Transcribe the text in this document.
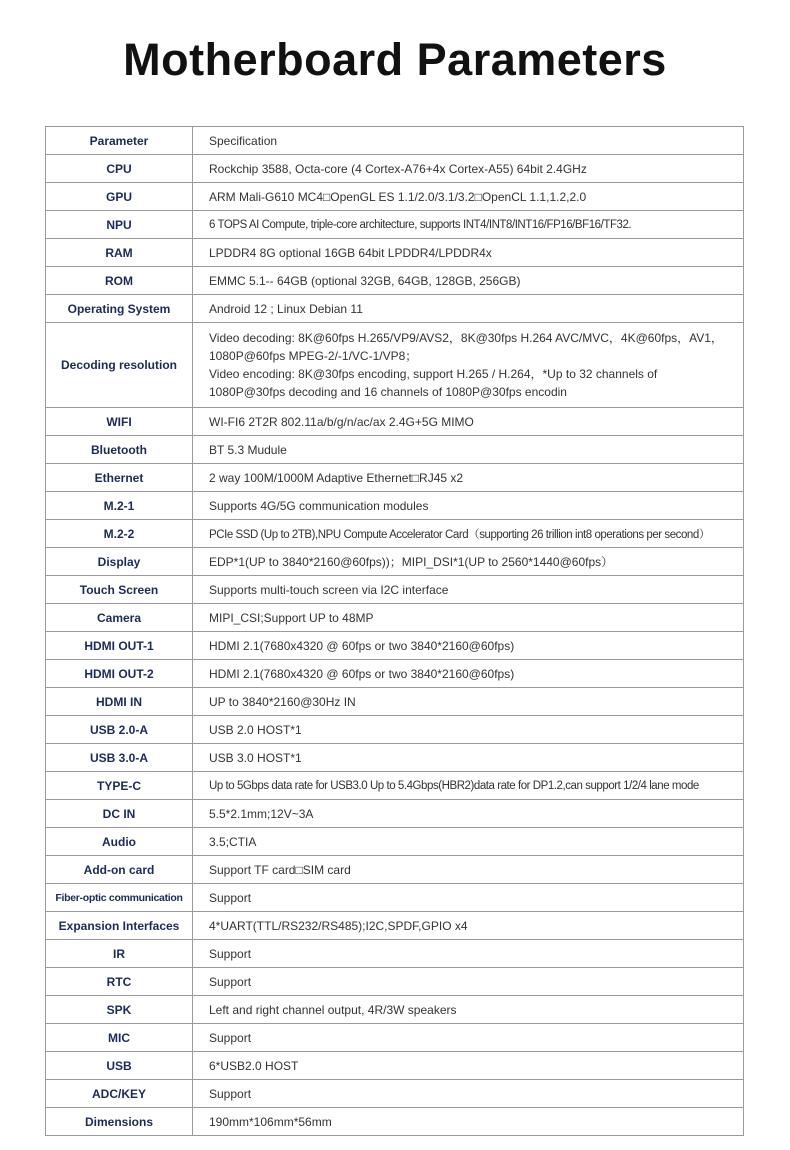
Motherboard Parameters
Parameter	Specification
CPU	Rockchip 3588, Octa-core (4 Cortex-A76+4x Cortex-A55) 64bit 2.4GHz
GPU	ARM Mali-G610 MC4□OpenGL ES 1.1/2.0/3.1/3.2□OpenCL 1.1,1.2,2.0
NPU	6 TOPS AI Compute, triple-core architecture, supports INT4/INT8/INT16/FP16/BF16/TF32.
RAM	LPDDR4 8G optional 16GB 64bit LPDDR4/LPDDR4x
ROM	EMMC 5.1-- 64GB (optional 32GB, 64GB, 128GB, 256GB)
Operating System	Android 12 ; Linux Debian 11
Decoding resolution	Video decoding: 8K@60fps H.265/VP9/AVS2，8K@30fps H.264 AVC/MVC，4K@60fps，AV1，
1080P@60fps MPEG-2/-1/VC-1/VP8；
Video encoding: 8K@30fps encoding, support H.265 / H.264，*Up to 32 channels of
1080P@30fps decoding and 16 channels of 1080P@30fps encodin

WIFI	WI-FI6 2T2R 802.11a/b/g/n/ac/ax 2.4G+5G MIMO
Bluetooth	BT 5.3 Mudule
Ethernet	2 way 100M/1000M Adaptive Ethernet□RJ45 x2
M.2-1	Supports 4G/5G communication modules
M.2-2	PCIe SSD (Up to 2TB),NPU Compute Accelerator Card（supporting 26 trillion int8 operations per second）
Display	EDP*1(UP to 3840*2160@60fps))；MIPI_DSI*1(UP to 2560*1440@60fps）
Touch Screen	Supports multi-touch screen via I2C interface
Camera	MIPI_CSI;Support UP to 48MP
HDMI OUT-1	HDMI 2.1(7680x4320 @ 60fps or two 3840*2160@60fps)
HDMI OUT-2	HDMI 2.1(7680x4320 @ 60fps or two 3840*2160@60fps)
HDMI IN	UP to 3840*2160@30Hz IN
USB 2.0-A	USB 2.0 HOST*1
USB 3.0-A	USB 3.0 HOST*1
TYPE-C	Up to 5Gbps data rate for USB3.0 Up to 5.4Gbps(HBR2)data rate for DP1.2,can support 1/2/4 lane mode
DC IN	5.5*2.1mm;12V~3A
Audio	3.5;CTIA
Add-on card	Support TF card□SIM card
Fiber-optic communication	Support
Expansion Interfaces	4*UART(TTL/RS232/RS485);I2C,SPDF,GPIO x4
IR	Support
RTC	Support
SPK	Left and right channel output, 4R/3W speakers
MIC	Support
USB	6*USB2.0 HOST
ADC/KEY	Support
Dimensions	190mm*106mm*56mm
